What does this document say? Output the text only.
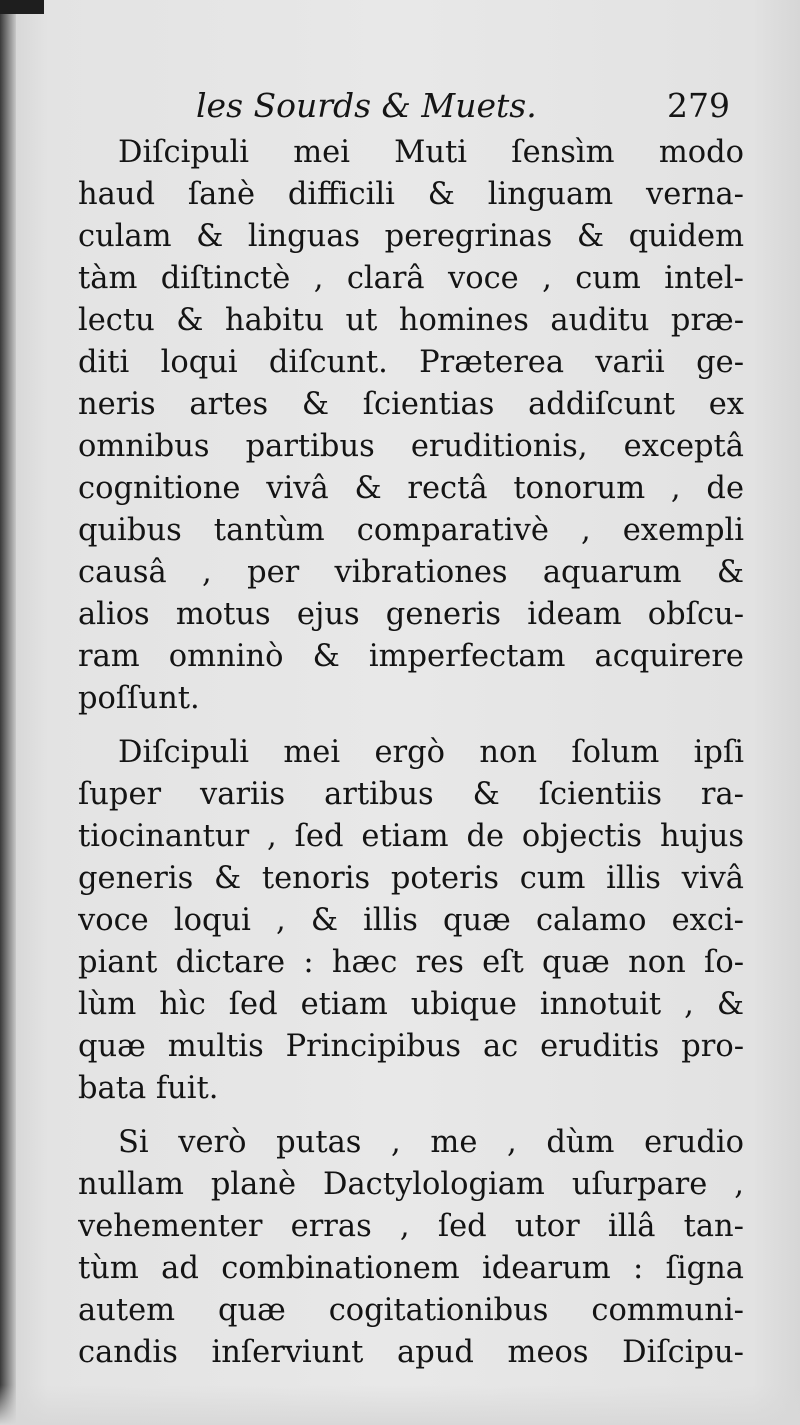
les Sourds & Muets.	279
Diſcipuli mei Muti ſensìm modo
haud ſanè difficili & linguam verna-
culam & linguas peregrinas & quidem
tàm diſtinctè , clarâ voce , cum intel-
lectu & habitu ut homines auditu præ-
diti loqui diſcunt. Præterea varii ge-
neris artes & ſcientias addiſcunt ex
omnibus partibus eruditionis, exceptâ
cognitione vivâ & rectâ tonorum , de
quibus tantùm comparativè , exempli
causâ , per vibrationes aquarum &
alios motus ejus generis ideam obſcu-
ram omninò & imperfectam acquirere
poſſunt.
Diſcipuli mei ergò non ſolum ipſi
ſuper variis artibus & ſcientiis ra-
tiocinantur , ſed etiam de objectis hujus
generis & tenoris poteris cum illis vivâ
voce loqui , & illis quæ calamo exci-
piant dictare : hæc res eſt quæ non ſo-
lùm hìc ſed etiam ubique innotuit , &
quæ multis Principibus ac eruditis pro-
bata fuit.
Si verò putas , me , dùm erudio
nullam planè Dactylologiam uſurpare ,
vehementer erras , ſed utor illâ tan-
tùm ad combinationem idearum : ſigna
autem quæ cogitationibus communi-
candis inſerviunt apud meos Diſcipu-
